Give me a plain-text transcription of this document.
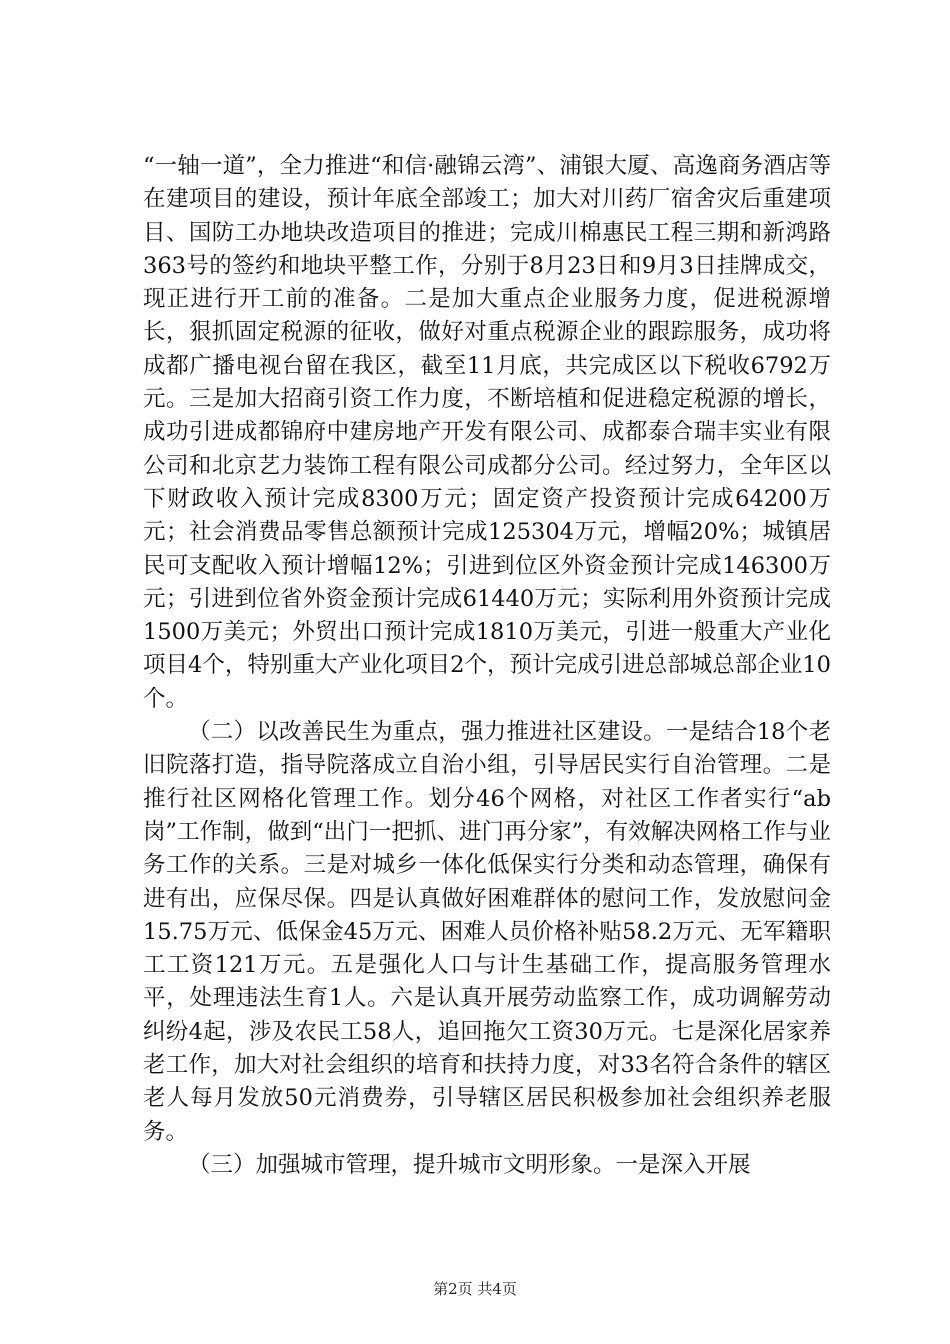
“一轴一道”，全力推进“和信·融锦云湾”、浦银大厦、高逸商务酒店等在建项目的建设，预计年底全部竣工；加大对川药厂宿舍灾后重建项目、国防工办地块改造项目的推进；完成川棉惠民工程三期和新鸿路363号的签约和地块平整工作，分别于8月23日和9月3日挂牌成交，现正进行开工前的准备。二是加大重点企业服务力度，促进税源增长，狠抓固定税源的征收，做好对重点税源企业的跟踪服务，成功将成都广播电视台留在我区，截至11月底，共完成区以下税收6792万元。三是加大招商引资工作力度，不断培植和促进稳定税源的增长，成功引进成都锦府中建房地产开发有限公司、成都泰合瑞丰实业有限公司和北京艺力装饰工程有限公司成都分公司。经过努力，全年区以下财政收入预计完成8300万元；固定资产投资预计完成64200万元；社会消费品零售总额预计完成125304万元，增幅20%；城镇居民可支配收入预计增幅12%；引进到位区外资金预计完成146300万元；引进到位省外资金预计完成61440万元；实际利用外资预计完成1500万美元；外贸出口预计完成1810万美元，引进一般重大产业化项目4个，特别重大产业化项目2个，预计完成引进总部城总部企业10个。

（二）以改善民生为重点，强力推进社区建设。一是结合18个老旧院落打造，指导院落成立自治小组，引导居民实行自治管理。二是推行社区网格化管理工作。划分46个网格，对社区工作者实行“ab岗”工作制，做到“出门一把抓、进门再分家”，有效解决网格工作与业务工作的关系。三是对城乡一体化低保实行分类和动态管理，确保有进有出，应保尽保。四是认真做好困难群体的慰问工作，发放慰问金15.75万元、低保金45万元、困难人员价格补贴58.2万元、无军籍职工工资121万元。五是强化人口与计生基础工作，提高服务管理水平，处理违法生育1人。六是认真开展劳动监察工作，成功调解劳动纠纷4起，涉及农民工58人，追回拖欠工资30万元。七是深化居家养老工作，加大对社会组织的培育和扶持力度，对33名符合条件的辖区老人每月发放50元消费券，引导辖区居民积极参加社会组织养老服务。

（三）加强城市管理，提升城市文明形象。一是深入开展

第2页 共4页
